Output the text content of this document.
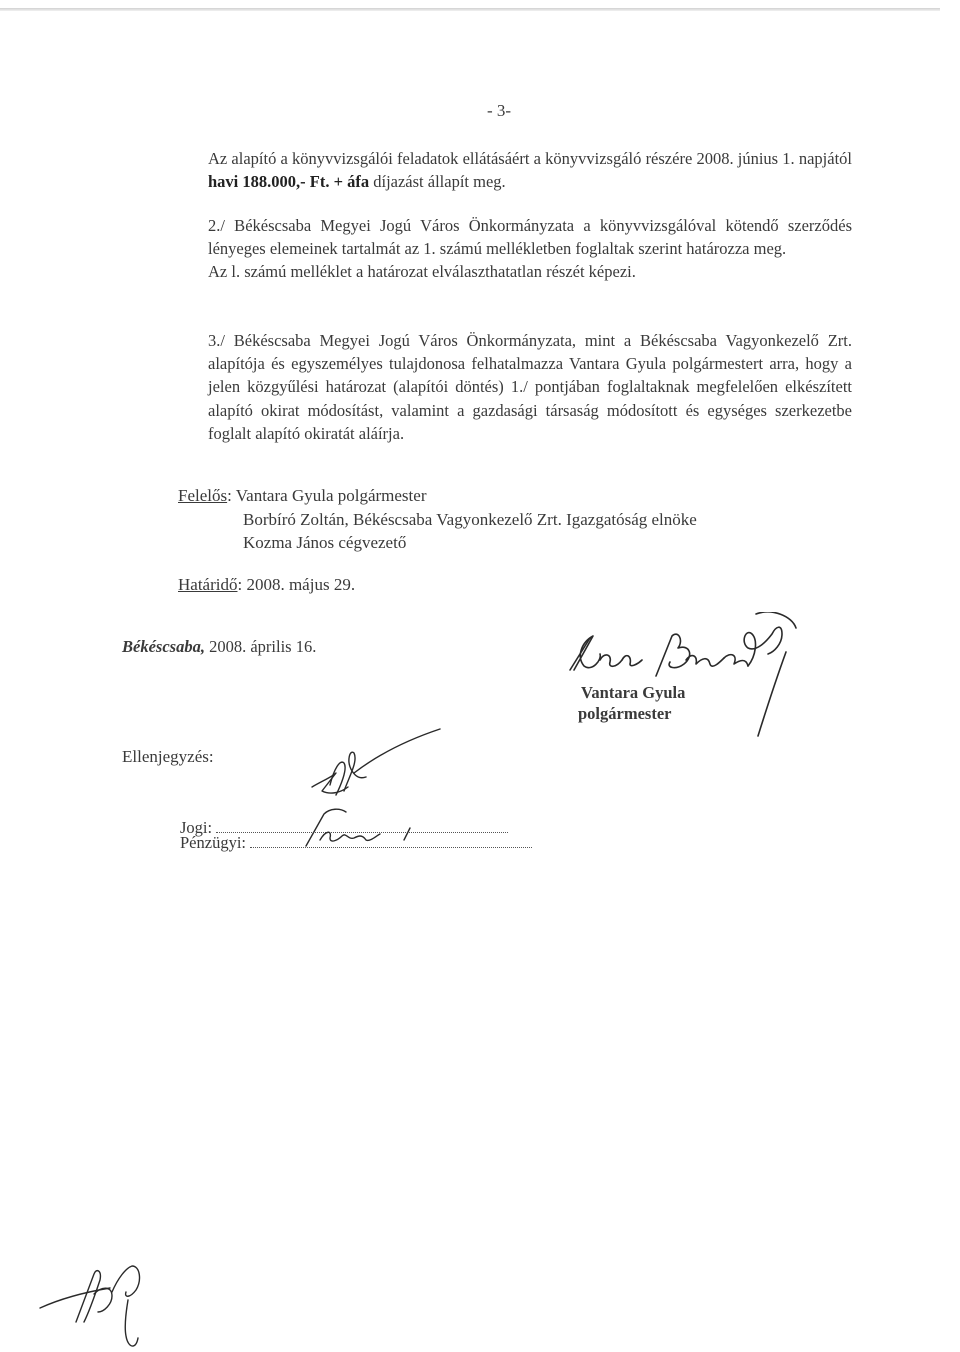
- 3-
Az alapító a könyvvizsgálói feladatok ellátásáért a könyvvizsgáló részére 2008. június 1. napjától havi 188.000,- Ft. + áfa díjazást állapít meg.
2./ Békéscsaba Megyei Jogú Város Önkormányzata a könyvvizsgálóval kötendő szerződés lényeges elemeinek tartalmát az 1. számú mellékletben foglaltak szerint határozza meg.
Az l. számú melléklet a határozat elválaszthatatlan részét képezi.
3./ Békéscsaba Megyei Jogú Város Önkormányzata, mint a Békéscsaba Vagyonkezelő Zrt. alapítója és egyszemélyes tulajdonosa felhatalmazza Vantara Gyula polgármestert arra, hogy a jelen közgyűlési határozat (alapítói döntés) 1./ pontjában foglaltaknak megfelelően elkészített alapító okirat módosítást, valamint a gazdasági társaság módosított és egységes szerkezetbe foglalt alapító okiratát aláírja.
Felelős: Vantara Gyula polgármester
Borbíró Zoltán, Békéscsaba Vagyonkezelő Zrt. Igazgatóság elnöke
Kozma János cégvezető
Határidő: 2008. május 29.
Békéscsaba, 2008. április 16.
Vantara Gyula
polgármester
Ellenjegyzés:
Jogi:
Pénzügyi:
